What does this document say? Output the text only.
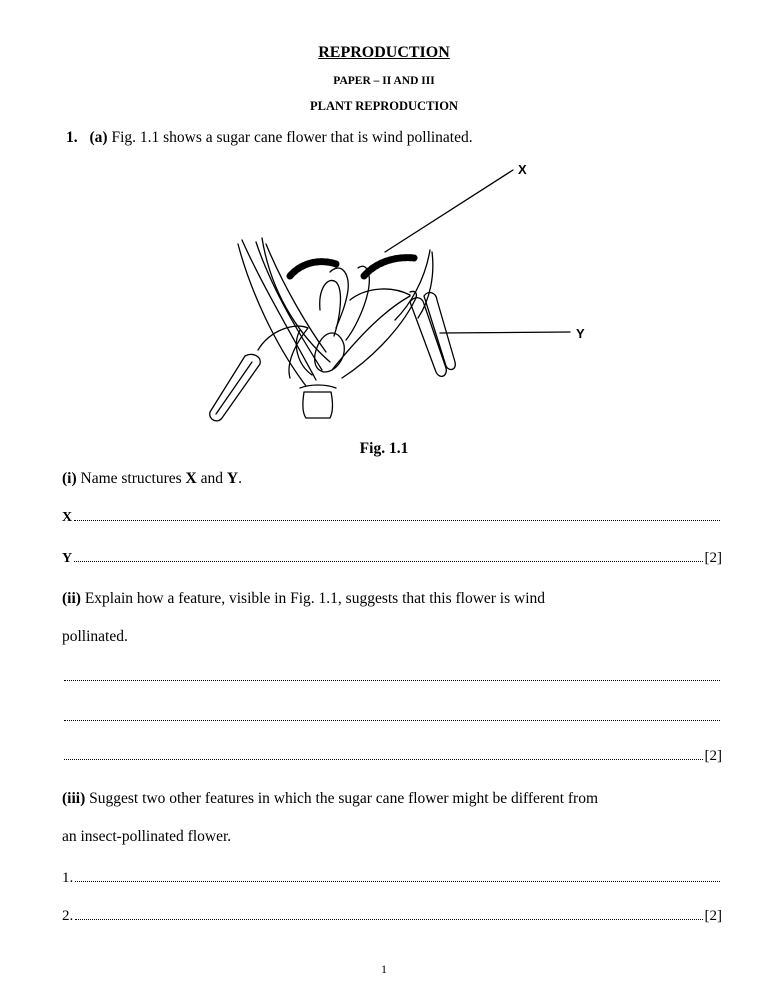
REPRODUCTION
PAPER – II AND III
PLANT REPRODUCTION
1. (a) Fig. 1.1 shows a sugar cane flower that is wind pollinated.
X
Y
Fig. 1.1
(i) Name structures X and Y.
X
Y	[2]
(ii) Explain how a feature, visible in Fig. 1.1, suggests that this flower is wind
pollinated.
[2]
(iii) Suggest two other features in which the sugar cane flower might be different from
an insect-pollinated flower.
1.
2.	[2]
1
